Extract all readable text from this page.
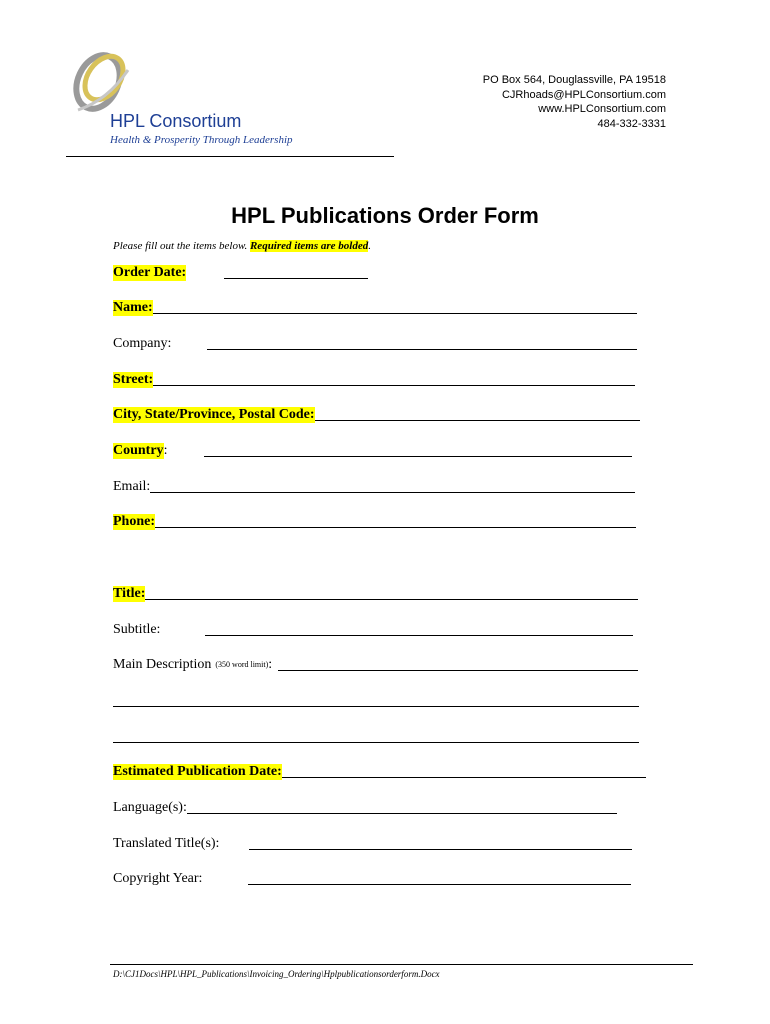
HPL Consortium
Health & Prosperity Through Leadership
PO Box 564, Douglassville, PA 19518
CJRhoads@HPLConsortium.com
www.HPLConsortium.com
484-332-3331
HPL Publications Order Form
Please fill out the items below. Required items are bolded.
Order Date:
Name:
Company:
Street:
City, State/Province, Postal Code:
Country :
Email:
Phone:
Title:
Subtitle:
Main Description (350 word limit) :
Estimated Publication Date:
Language(s):
Translated Title(s):
Copyright Year:
D:\CJ1Docs\HPL\HPL_Publications\Invoicing_Ordering\Hplpublicationsorderform.Docx
